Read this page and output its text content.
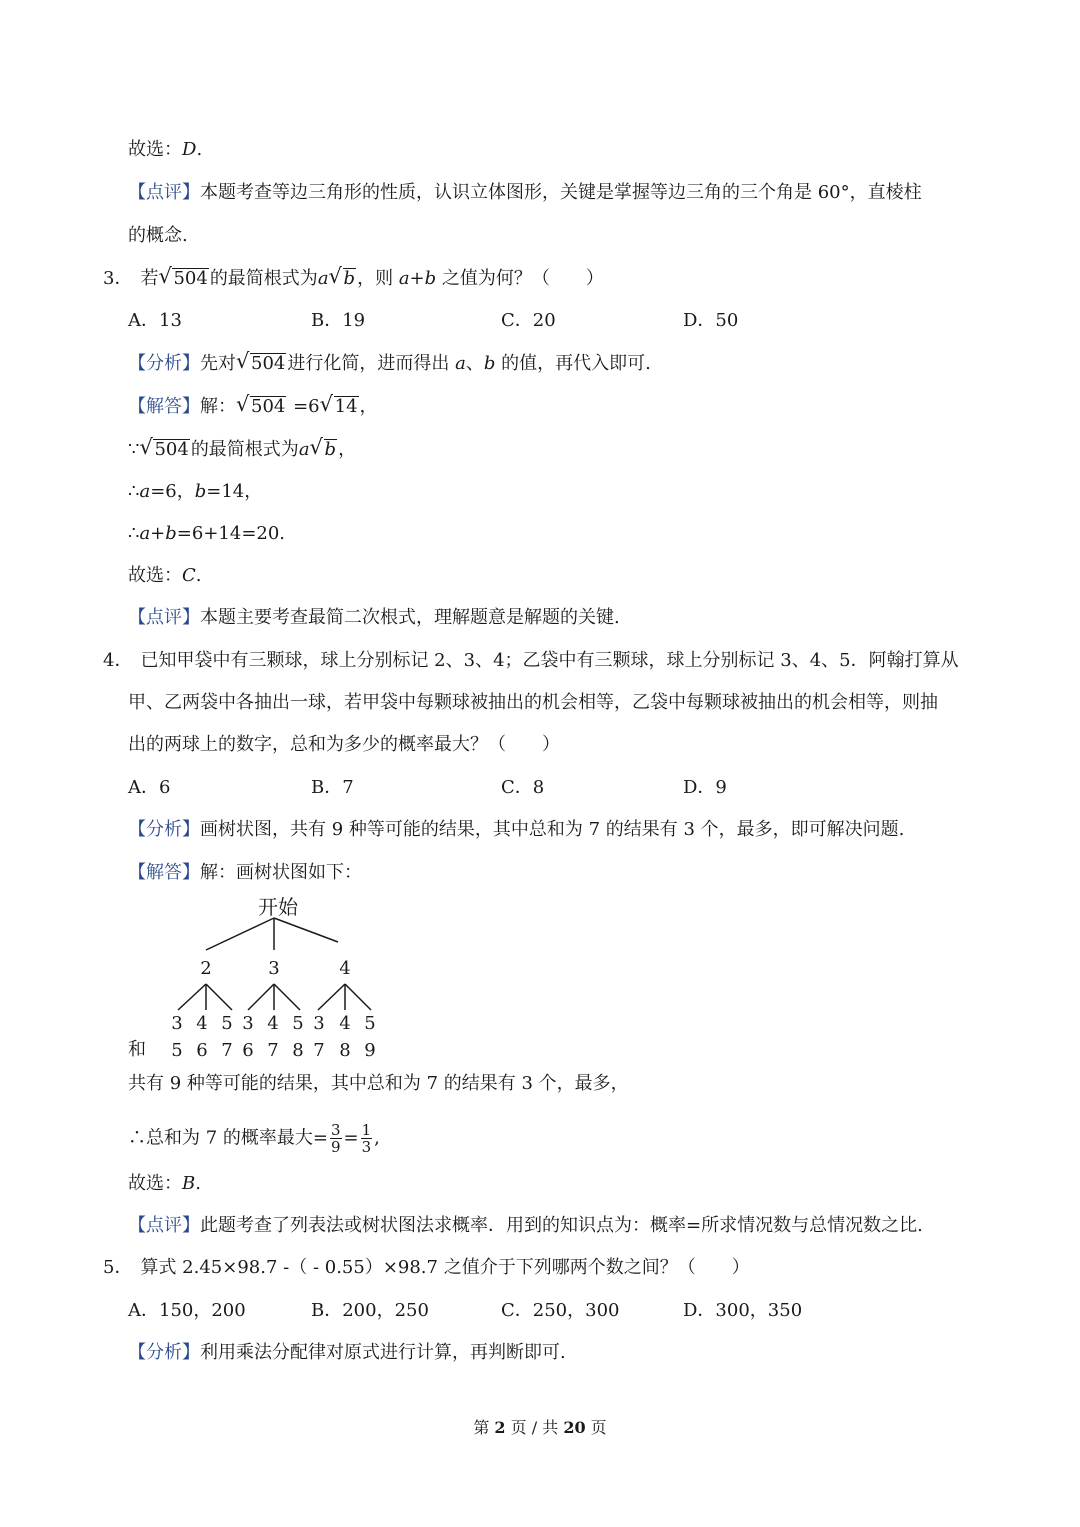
故选：D.
【点评】本题考查等边三角形的性质，认识立体图形，关键是掌握等边三角的三个角是 60°，直棱柱
的概念.
3． 若 √ 504 的最简根式为a √ b ，则 a+b 之值为何？（　　）
A．13	B．19	C．20	D．50
【分析】先对 √ 504 进行化简，进而得出 a、b 的值，再代入即可.
【解答】解： √ 504 =6 √ 14 ，
∵ √ 504 的最简根式为a √ b ，
∴a=6，b=14，
∴a+b=6+14=20.
故选：C.
【点评】本题主要考查最简二次根式，理解题意是解题的关键.
4． 已知甲袋中有三颗球，球上分别标记 2、3、4；乙袋中有三颗球，球上分别标记 3、4、5．阿翰打算从
甲、乙两袋中各抽出一球，若甲袋中每颗球被抽出的机会相等，乙袋中每颗球被抽出的机会相等，则抽
出的两球上的数字，总和为多少的概率最大？（　　）
A．6	B．7	C．8	D．9
【分析】画树状图，共有 9 种等可能的结果，其中总和为 7 的结果有 3 个，最多，即可解决问题.
【解答】解：画树状图如下：
开始
2	3	4
3 4 5 3 4 5 3 4 5
和 5 6 7 6 7 8 7 8 9
共有 9 种等可能的结果，其中总和为 7 的结果有 3 个，最多，
∴总和为 7 的概率最大= $\frac{3}{9} = \frac{1}{3}$ ,
故选：B.
【点评】此题考查了列表法或树状图法求概率．用到的知识点为：概率=所求情况数与总情况数之比.
5． 算式 2.45×98.7 -（ - 0.55）×98.7 之值介于下列哪两个数之间？（　　）
A．150，200	B．200，250	C．250，300	D．300，350
【分析】利用乘法分配律对原式进行计算，再判断即可.
第 2 页 / 共 20 页
